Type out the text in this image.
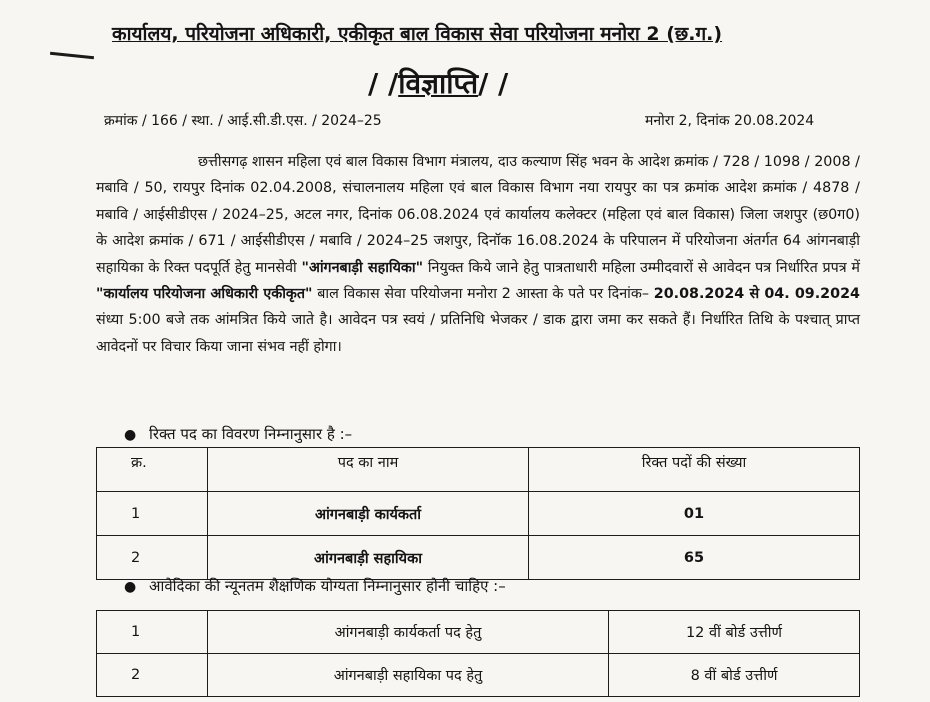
कार्यालय, परियोजना अधिकारी, एकीकृत बाल विकास सेवा परियोजना मनोरा 2 (छ.ग.)
/ /विज्ञाप्ति/ /
क्रमांक / 166 / स्था. / आई.सी.डी.एस. / 2024–25	मनोरा 2, दिनांक 20.08.2024
छत्तीसगढ़ शासन महिला एवं बाल विकास विभाग मंत्रालय, दाउ कल्याण सिंह भवन के आदेश क्रमांक / 728 / 1098 / 2008 / मबावि / 50, रायपुर दिनांक 02.04.2008, संचालनालय महिला एवं बाल विकास विभाग नया रायपुर का पत्र क्रमांक आदेश क्रमांक / 4878 / मबावि / आईसीडीएस / 2024–25, अटल नगर, दिनांक 06.08.2024 एवं कार्यालय कलेक्टर (महिला एवं बाल विकास) जिला जशपुर (छ0ग0) के आदेश क्रमांक / 671 / आईसीडीएस / मबावि / 2024–25 जशपुर, दिनॉक 16.08.2024 के परिपालन में परियोजना अंतर्गत 64 आंगनबाड़ी सहायिका के रिक्त पदपूर्ति हेतु मानसेवी "आंगनबाड़ी सहायिका" नियुक्त किये जाने हेतु पात्रताधारी महिला उम्मीदवारों से आवेदन पत्र निर्धारित प्रपत्र में "कार्यालय परियोजना अधिकारी एकीकृत" बाल विकास सेवा परियोजना मनोरा 2 आस्ता के पते पर दिनांक– 20.08.2024 से 04. 09.2024 संध्या 5:00 बजे तक आंमत्रित किये जाते है। आवेदन पत्र स्वयं / प्रतिनिधि भेजकर / डाक द्वारा जमा कर सकते हैं। निर्धारित तिथि के पश्चात् प्राप्त आवेदनों पर विचार किया जाना संभव नहीं होगा।
● रिक्त पद का विवरण निम्नानुसार है :–
क्र.	पद का नाम	रिक्त पदों की संख्या
1	आंगनबाड़ी कार्यकर्ता	01
2	आंगनबाड़ी सहायिका	65
● आवेदिका की न्यूनतम शैक्षणिक योग्यता निम्नानुसार होनी चाहिए :–
1	आंगनबाड़ी कार्यकर्ता पद हेतु	12 वीं बोर्ड उत्तीर्ण
2	आंगनबाड़ी सहायिका पद हेतु	8 वीं बोर्ड उत्तीर्ण
